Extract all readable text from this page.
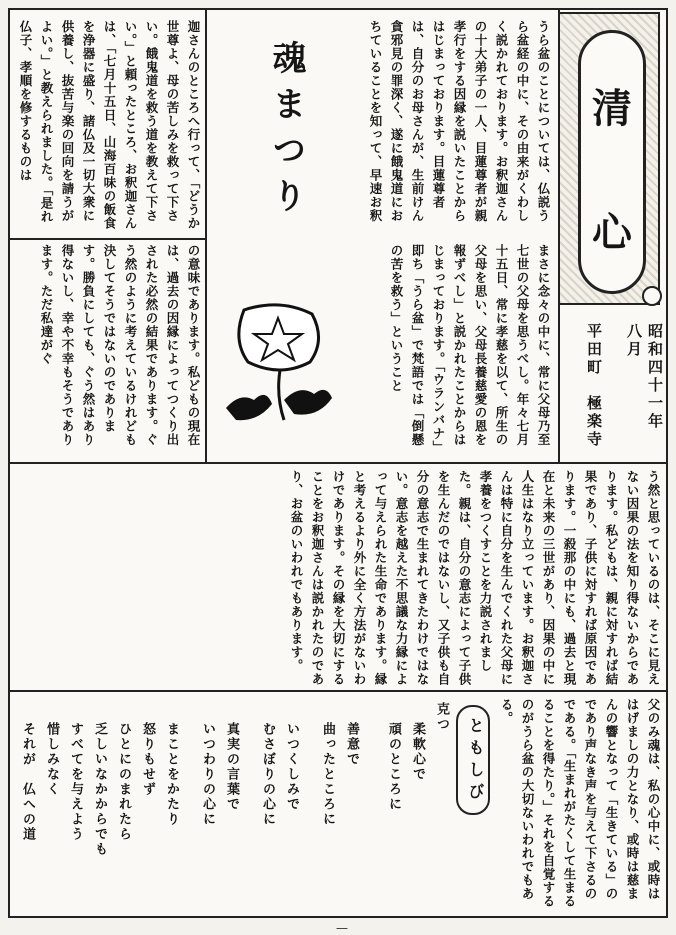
清
心
昭和四十一年　八月
平田町　極楽寺
うら盆のことについては、仏説うら盆経の中に、その由来がくわしく説かれております。お釈迦さんの十大弟子の一人、目蓮尊者が親孝行をする因縁を説いたことからはじまっております。目蓮尊者は、自分のお母さんが、生前けん貪邪見の罪深く、遂に餓鬼道におちていることを知って、早速お釈
魂まつり
迦さんのところへ行って、「どうか世尊よ、母の苦しみを救って下さい。餓鬼道を救う道を教えて下さい。」と頼ったところ、お釈迦さんは、「七月十五日、山海百味の飯食を浄器に盛り、諸仏及一切大衆に供養し、抜苦与楽の回向を請うがよい。」と教えられました。「是れ仏子、孝順を修するものは
まさに念々の中に、常に父母乃至七世の父母を思うべし。年々七月十五日、常に孝慈を以て、所生の父母を思い、父母長養慈愛の恩を報ずべし」と説かれたことからはじまっております。「ウランバナ」即ち「うら盆」で梵語では「倒懸の苦を救う」ということ
の意味であります。私どもの現在は、過去の因縁によってつくり出された必然の結果であります。ぐう然のように考えているけれども決してそうではないのであります。勝負にしても、ぐう然はあり得ないし、幸や不幸もそうであります。ただ私達がぐ
う然と思っているのは、そこに見えない因果の法を知り得ないからであります。私どもは、親に対すれば結果であり、子供に対すれば原因であります。一殺那の中にも、過去と現在と未来の三世があり、因果の中に人生はなり立っています。お釈迦さんは特に自分を生んでくれた父母に孝養をつくすことを力説されました。親は、自分の意志によって子供を生んだのではないし、又子供も自分の意志で生まれてきたわけではない。意志を越えた不思議な力縁によって与えられた生命であります。縁と考えるより外に全く方法がないわけであります。その縁を大切にすることをお釈迦さんは説かれたのであり、お盆のいわれでもあります。
父のみ魂は、私の心中に、或時ははげましの力となり、或時は慈まんの響となって「生きている」のであり声なき声を与えて下さるのである。「生まれがたくして生まるることを得たり。」それを自覚するのがうら盆の大切ないわれでもある。
ともしび
克つ
柔軟心で
頑のところに
善意で
曲ったところに
いつくしみで
むさぼりの心に
真実の言葉で
いつわりの心に
まことをかたり
怒りもせず
ひとにのまれたら
乏しいなかからでも
すべてを与えよう
惜しみなく
それが　仏への道
—
